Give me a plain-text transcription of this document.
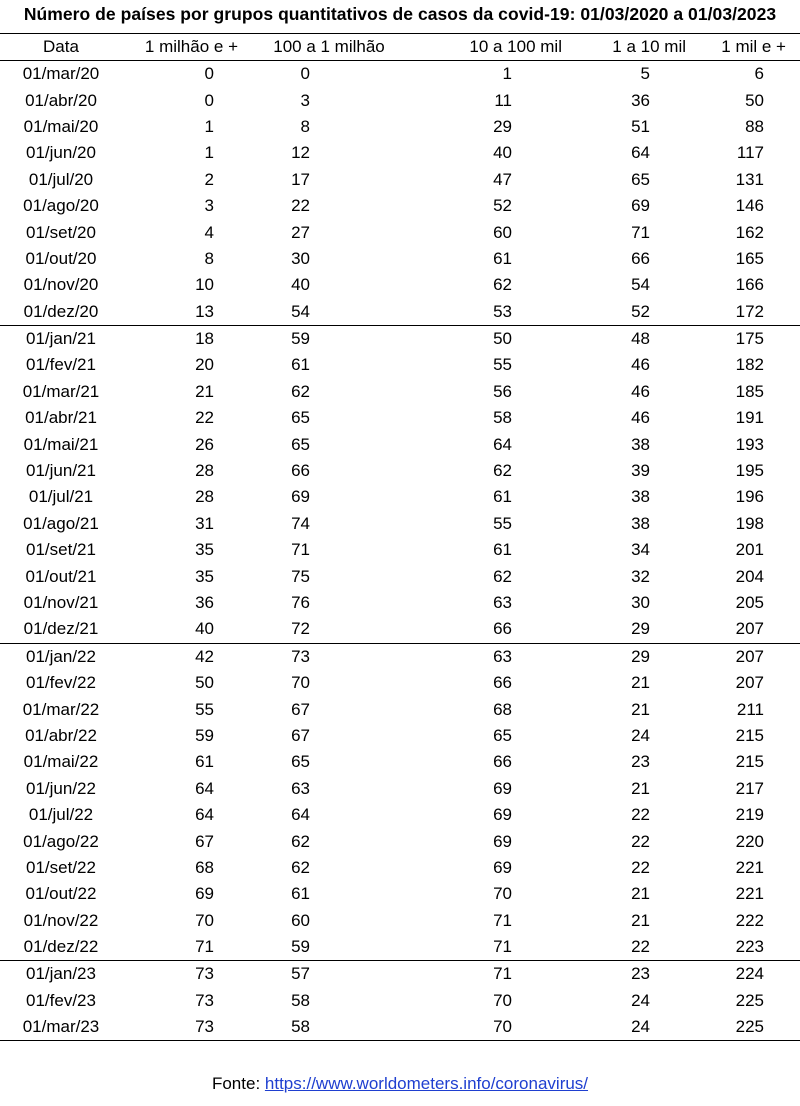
Número de países por grupos quantitativos de casos da covid-19: 01/03/2020 a 01/03/2023
Data	1 milhão e +	100 a 1 milhão	10 a 100 mil	1 a 10 mil	1 mil e +
01/mar/20	0	0	1	5	6
01/abr/20	0	3	11	36	50
01/mai/20	1	8	29	51	88
01/jun/20	1	12	40	64	117
01/jul/20	2	17	47	65	131
01/ago/20	3	22	52	69	146
01/set/20	4	27	60	71	162
01/out/20	8	30	61	66	165
01/nov/20	10	40	62	54	166
01/dez/20	13	54	53	52	172
01/jan/21	18	59	50	48	175
01/fev/21	20	61	55	46	182
01/mar/21	21	62	56	46	185
01/abr/21	22	65	58	46	191
01/mai/21	26	65	64	38	193
01/jun/21	28	66	62	39	195
01/jul/21	28	69	61	38	196
01/ago/21	31	74	55	38	198
01/set/21	35	71	61	34	201
01/out/21	35	75	62	32	204
01/nov/21	36	76	63	30	205
01/dez/21	40	72	66	29	207
01/jan/22	42	73	63	29	207
01/fev/22	50	70	66	21	207
01/mar/22	55	67	68	21	211
01/abr/22	59	67	65	24	215
01/mai/22	61	65	66	23	215
01/jun/22	64	63	69	21	217
01/jul/22	64	64	69	22	219
01/ago/22	67	62	69	22	220
01/set/22	68	62	69	22	221
01/out/22	69	61	70	21	221
01/nov/22	70	60	71	21	222
01/dez/22	71	59	71	22	223
01/jan/23	73	57	71	23	224
01/fev/23	73	58	70	24	225
01/mar/23	73	58	70	24	225
Fonte: https://www.worldometers.info/coronavirus/
